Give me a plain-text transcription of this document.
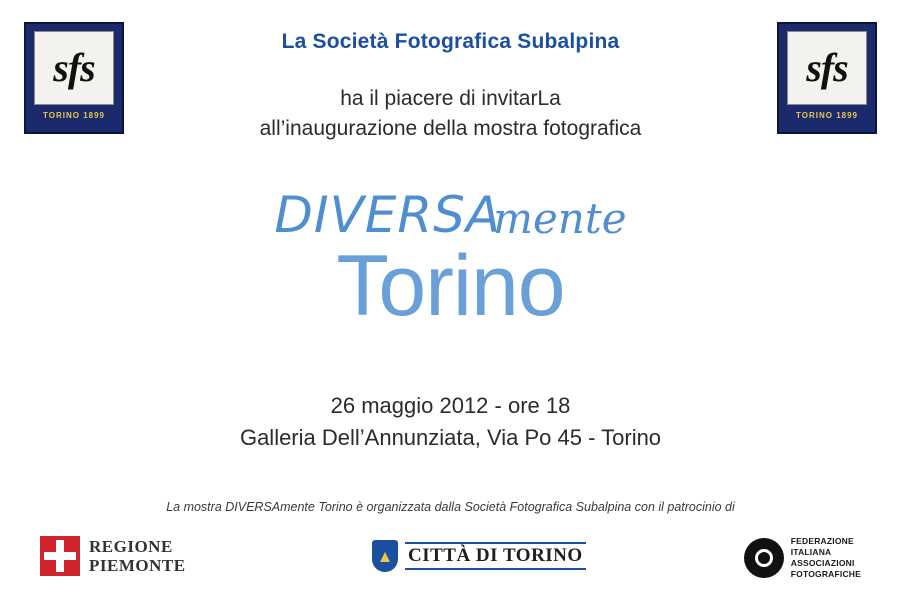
sfs
TORINO 1899
sfs
TORINO 1899
La Società Fotografica Subalpina
ha il piacere di invitarLa
all’inaugurazione della mostra fotografica
DIVERSAmente
Torino
26 maggio 2012 - ore 18
Galleria Dell’Annunziata, Via Po 45 - Torino
La mostra DIVERSAmente Torino è organizzata dalla Società Fotografica Subalpina con il patrocinio di
REGIONE
PIEMONTE	▲ CITTÀ DI TORINO
FEDERAZIONE
ITALIANA
ASSOCIAZIONI
FOTOGRAFICHE
